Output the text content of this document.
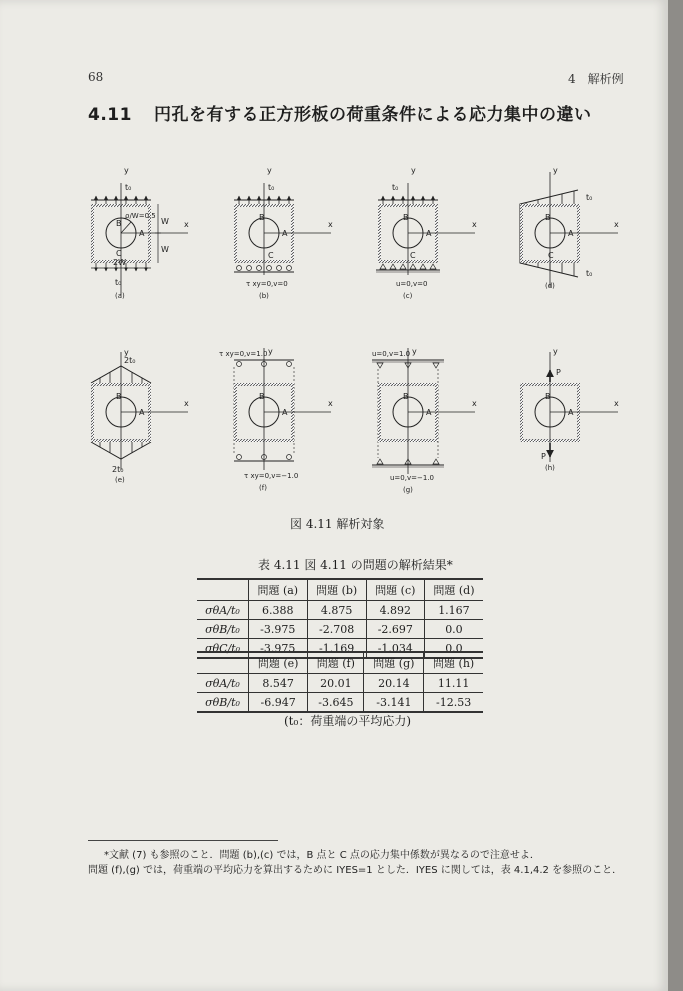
68	4　解析例
4.11 円孔を有する正方形板の荷重条件による応力集中の違い
B
A
C
ρ/W=0.5
W
W
2W
t₀
t₀
y
x
(a)
B
A
C
t₀
τ xy=0,v=0
y
x
(b)
B
A
C
t₀
u=0,v=0
y
x
(c)
B
A
C
t₀
t₀
y
x
(d)
B
A
2t₀
2t₀
y
x
(e)
B
A
τ xy=0,v=1.0
τ xy=0,v=−1.0
y
x
(f)
B
A
u=0,v=1.0
u=0,v=−1.0
y
x
(g)
B
A
P
P
y
x
(h)
図 4.11 解析対象
表 4.11 図 4.11 の問題の解析結果*
	問題 (a)	問題 (b)	問題 (c)	問題 (d)
σθA/t₀	6.388	4.875	4.892	1.167
σθB/t₀	-3.975	-2.708	-2.697	0.0
σθC/t₀	-3.975	-1.169	-1.034	0.0
	問題 (e)	問題 (f)	問題 (g)	問題 (h)
σθA/t₀	8.547	20.01	20.14	11.11
σθB/t₀	-6.947	-3.645	-3.141	-12.53
(t₀：荷重端の平均応力)
*文献 (7) も参照のこと．問題 (b),(c) では，B 点と C 点の応力集中係数が異なるので注意せよ．
問題 (f),(g) では，荷重端の平均応力を算出するために IYES=1 とした．IYES に関しては，表 4.1,4.2 を参照のこと．
